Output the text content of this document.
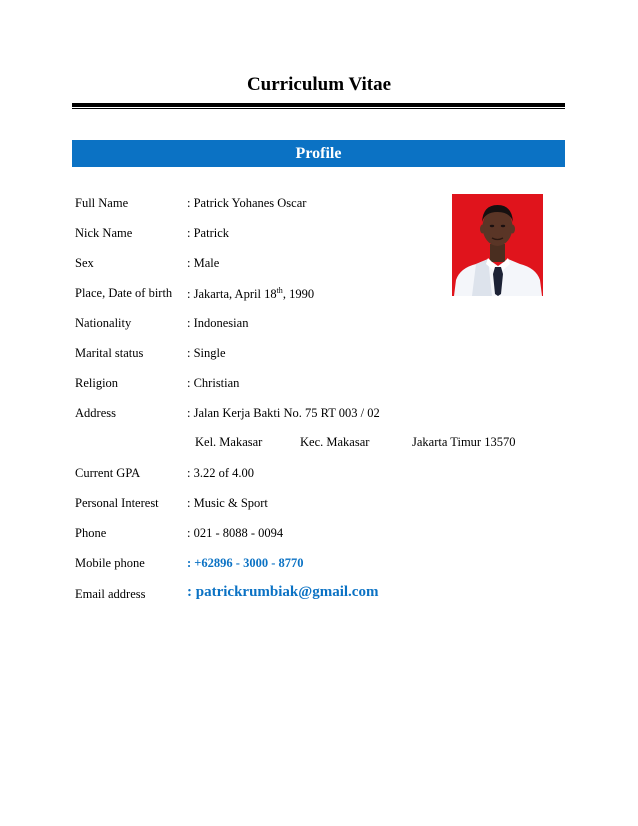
Curriculum Vitae
Profile
Full Name	: Patrick Yohanes Oscar
Nick Name	: Patrick
Sex	: Male
Place, Date of birth : Jakarta, April 18th, 1990
Nationality	: Indonesian
Marital status	: Single
Religion	: Christian
Address	: Jalan Kerja Bakti No. 75 RT 003 / 02
Kel. Makasar	Kec. Makasar	Jakarta Timur 13570
Current GPA	: 3.22 of 4.00
Personal Interest : Music & Sport
Phone	: 021 - 8088 - 0094
Mobile phone	: +62896 - 3000 - 8770
Email address	: patrickrumbiak@gmail.com
